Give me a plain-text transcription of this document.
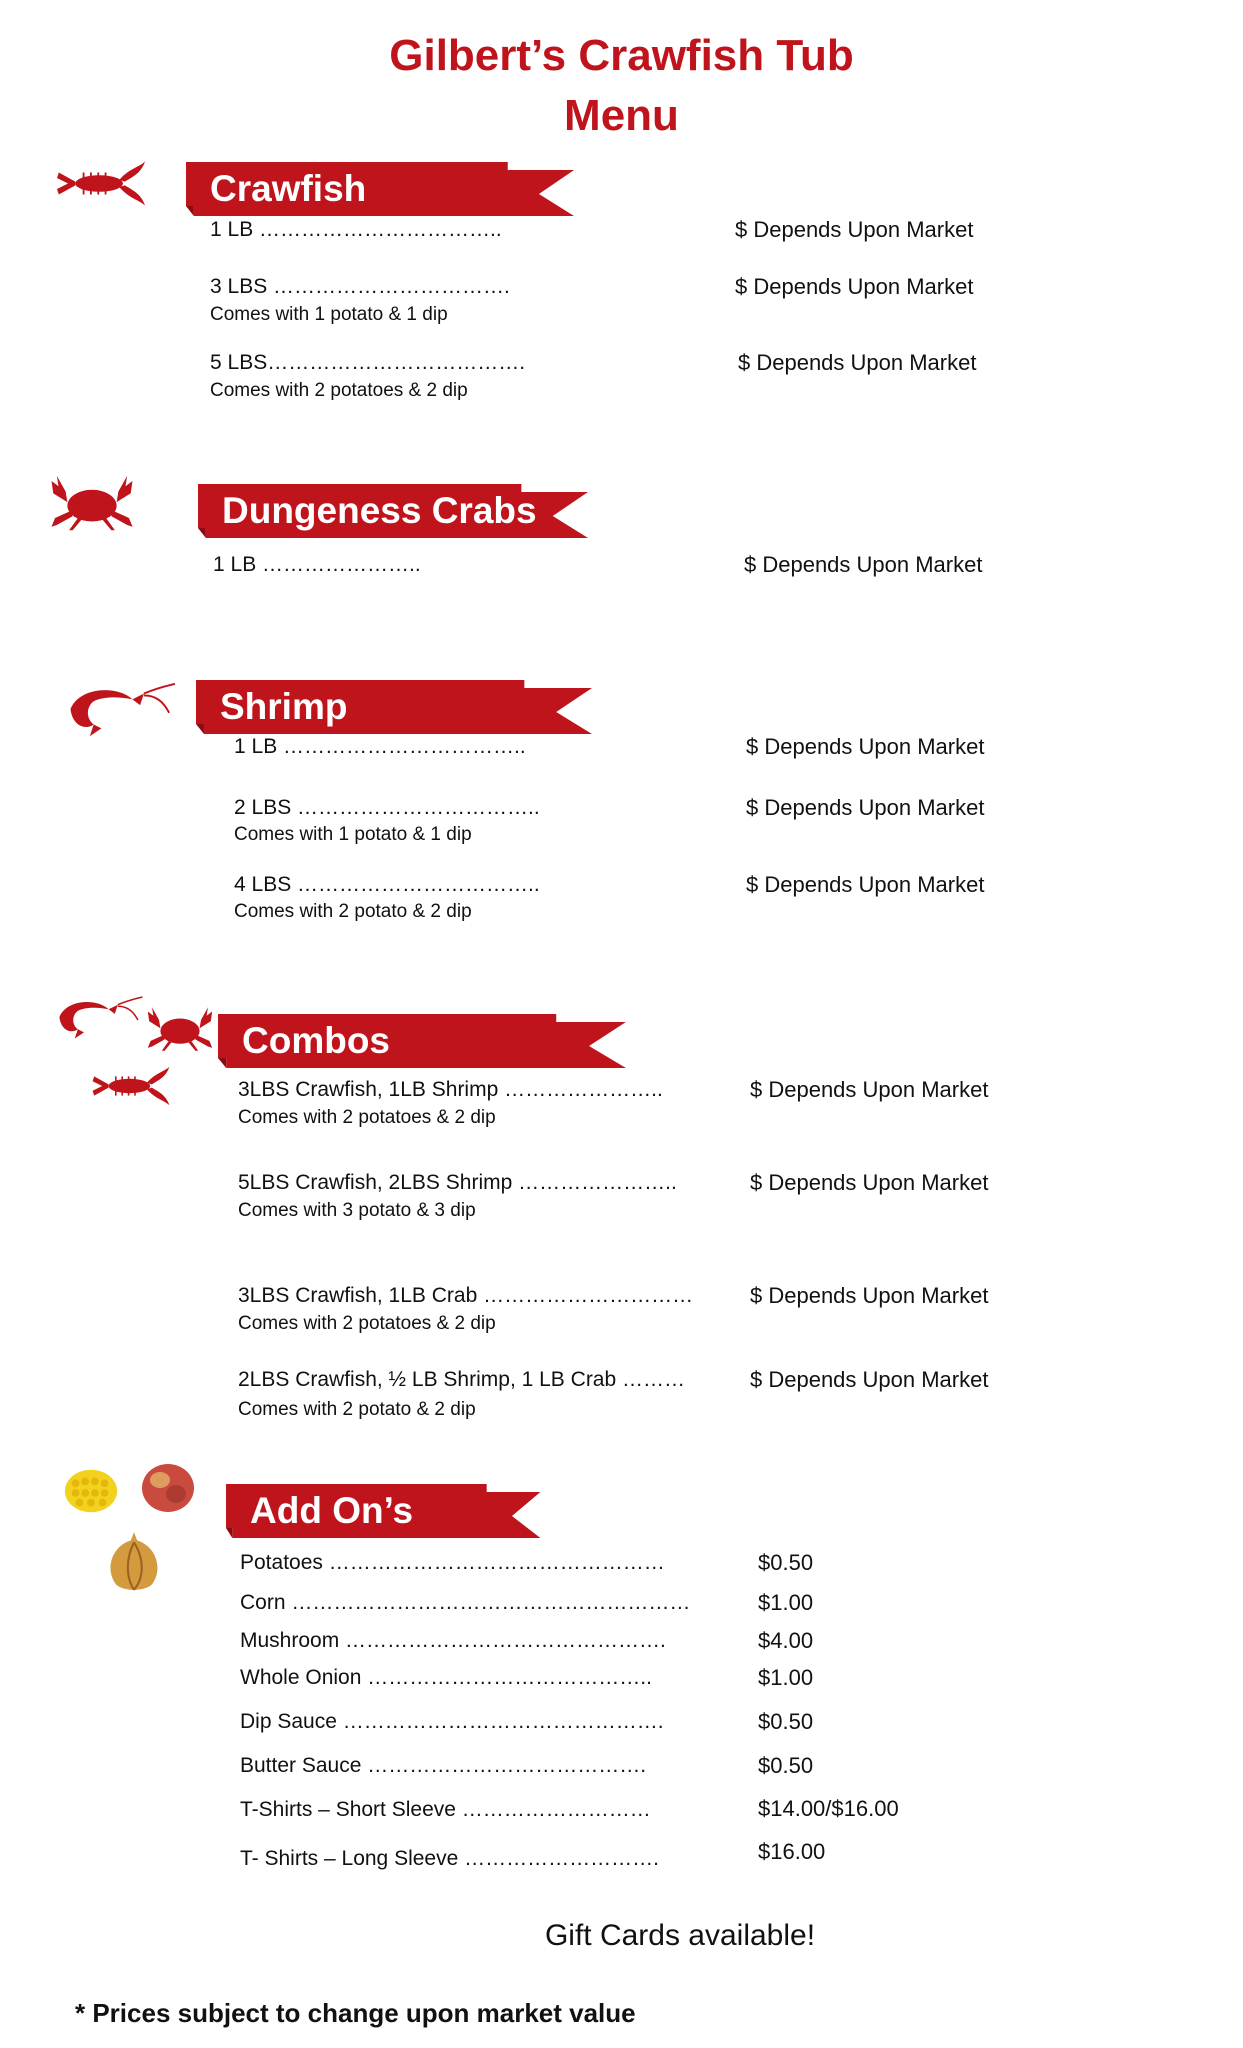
Gilbert’s Crawfish Tub
Menu
Crawfish
1 LB ……………………………..	$ Depends Upon Market
3 LBS …………………………….	$ Depends Upon Market
Comes with 1 potato & 1 dip
5 LBS……………………………….	$ Depends Upon Market
Comes with 2 potatoes & 2 dip
Dungeness Crabs
1 LB …………………..	$ Depends Upon Market
Shrimp
1 LB ……………………………..	$ Depends Upon Market
2 LBS ……………………………..	$ Depends Upon Market
Comes with 1 potato & 1 dip
4 LBS ……………………………..	$ Depends Upon Market
Comes with 2 potato & 2 dip
Combos
3LBS Crawfish, 1LB Shrimp …………………..	$ Depends Upon Market
Comes with 2 potatoes & 2 dip
5LBS Crawfish, 2LBS Shrimp …………………..	$ Depends Upon Market
Comes with 3 potato & 3 dip
3LBS Crawfish, 1LB Crab …………………………	$ Depends Upon Market
Comes with 2 potatoes & 2 dip
2LBS Crawfish, ½ LB Shrimp, 1 LB Crab ………	$ Depends Upon Market
Comes with 2 potato & 2 dip
Add On’s
Potatoes …………………………………………	$0.50
Corn …………………………………………………	$1.00
Mushroom ……………………………………….	$4.00
Whole Onion …………………………………..	$1.00
Dip Sauce ……………………………………….	$0.50
Butter Sauce ………………………………….	$0.50
T-Shirts – Short Sleeve ………………………	$14.00/$16.00
T- Shirts – Long Sleeve ……………………….	$16.00
Gift Cards available!
* Prices subject to change upon market value
